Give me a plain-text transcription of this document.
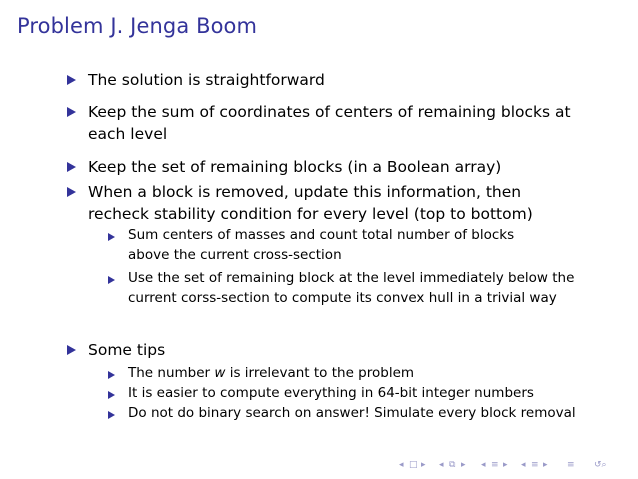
Problem J. Jenga Boom
The solution is straightforward
Keep the sum of coordinates of centers of remaining blocks at each level
Keep the set of remaining blocks (in a Boolean array)
When a block is removed, update this information, then recheck stability condition for every level (top to bottom)
Sum centers of masses and count total number of blocks above the current cross-section
Use the set of remaining block at the level immediately below the current corss-section to compute its convex hull in a trivial way
Some tips
The number w is irrelevant to the problem
It is easier to compute everything in 64-bit integer numbers
Do not do binary search on answer! Simulate every block removal
◂ □ ▸ ◂ ⧉ ▸ ◂ ≡ ▸ ◂ ≡ ▸ ≡ ↺⌕
